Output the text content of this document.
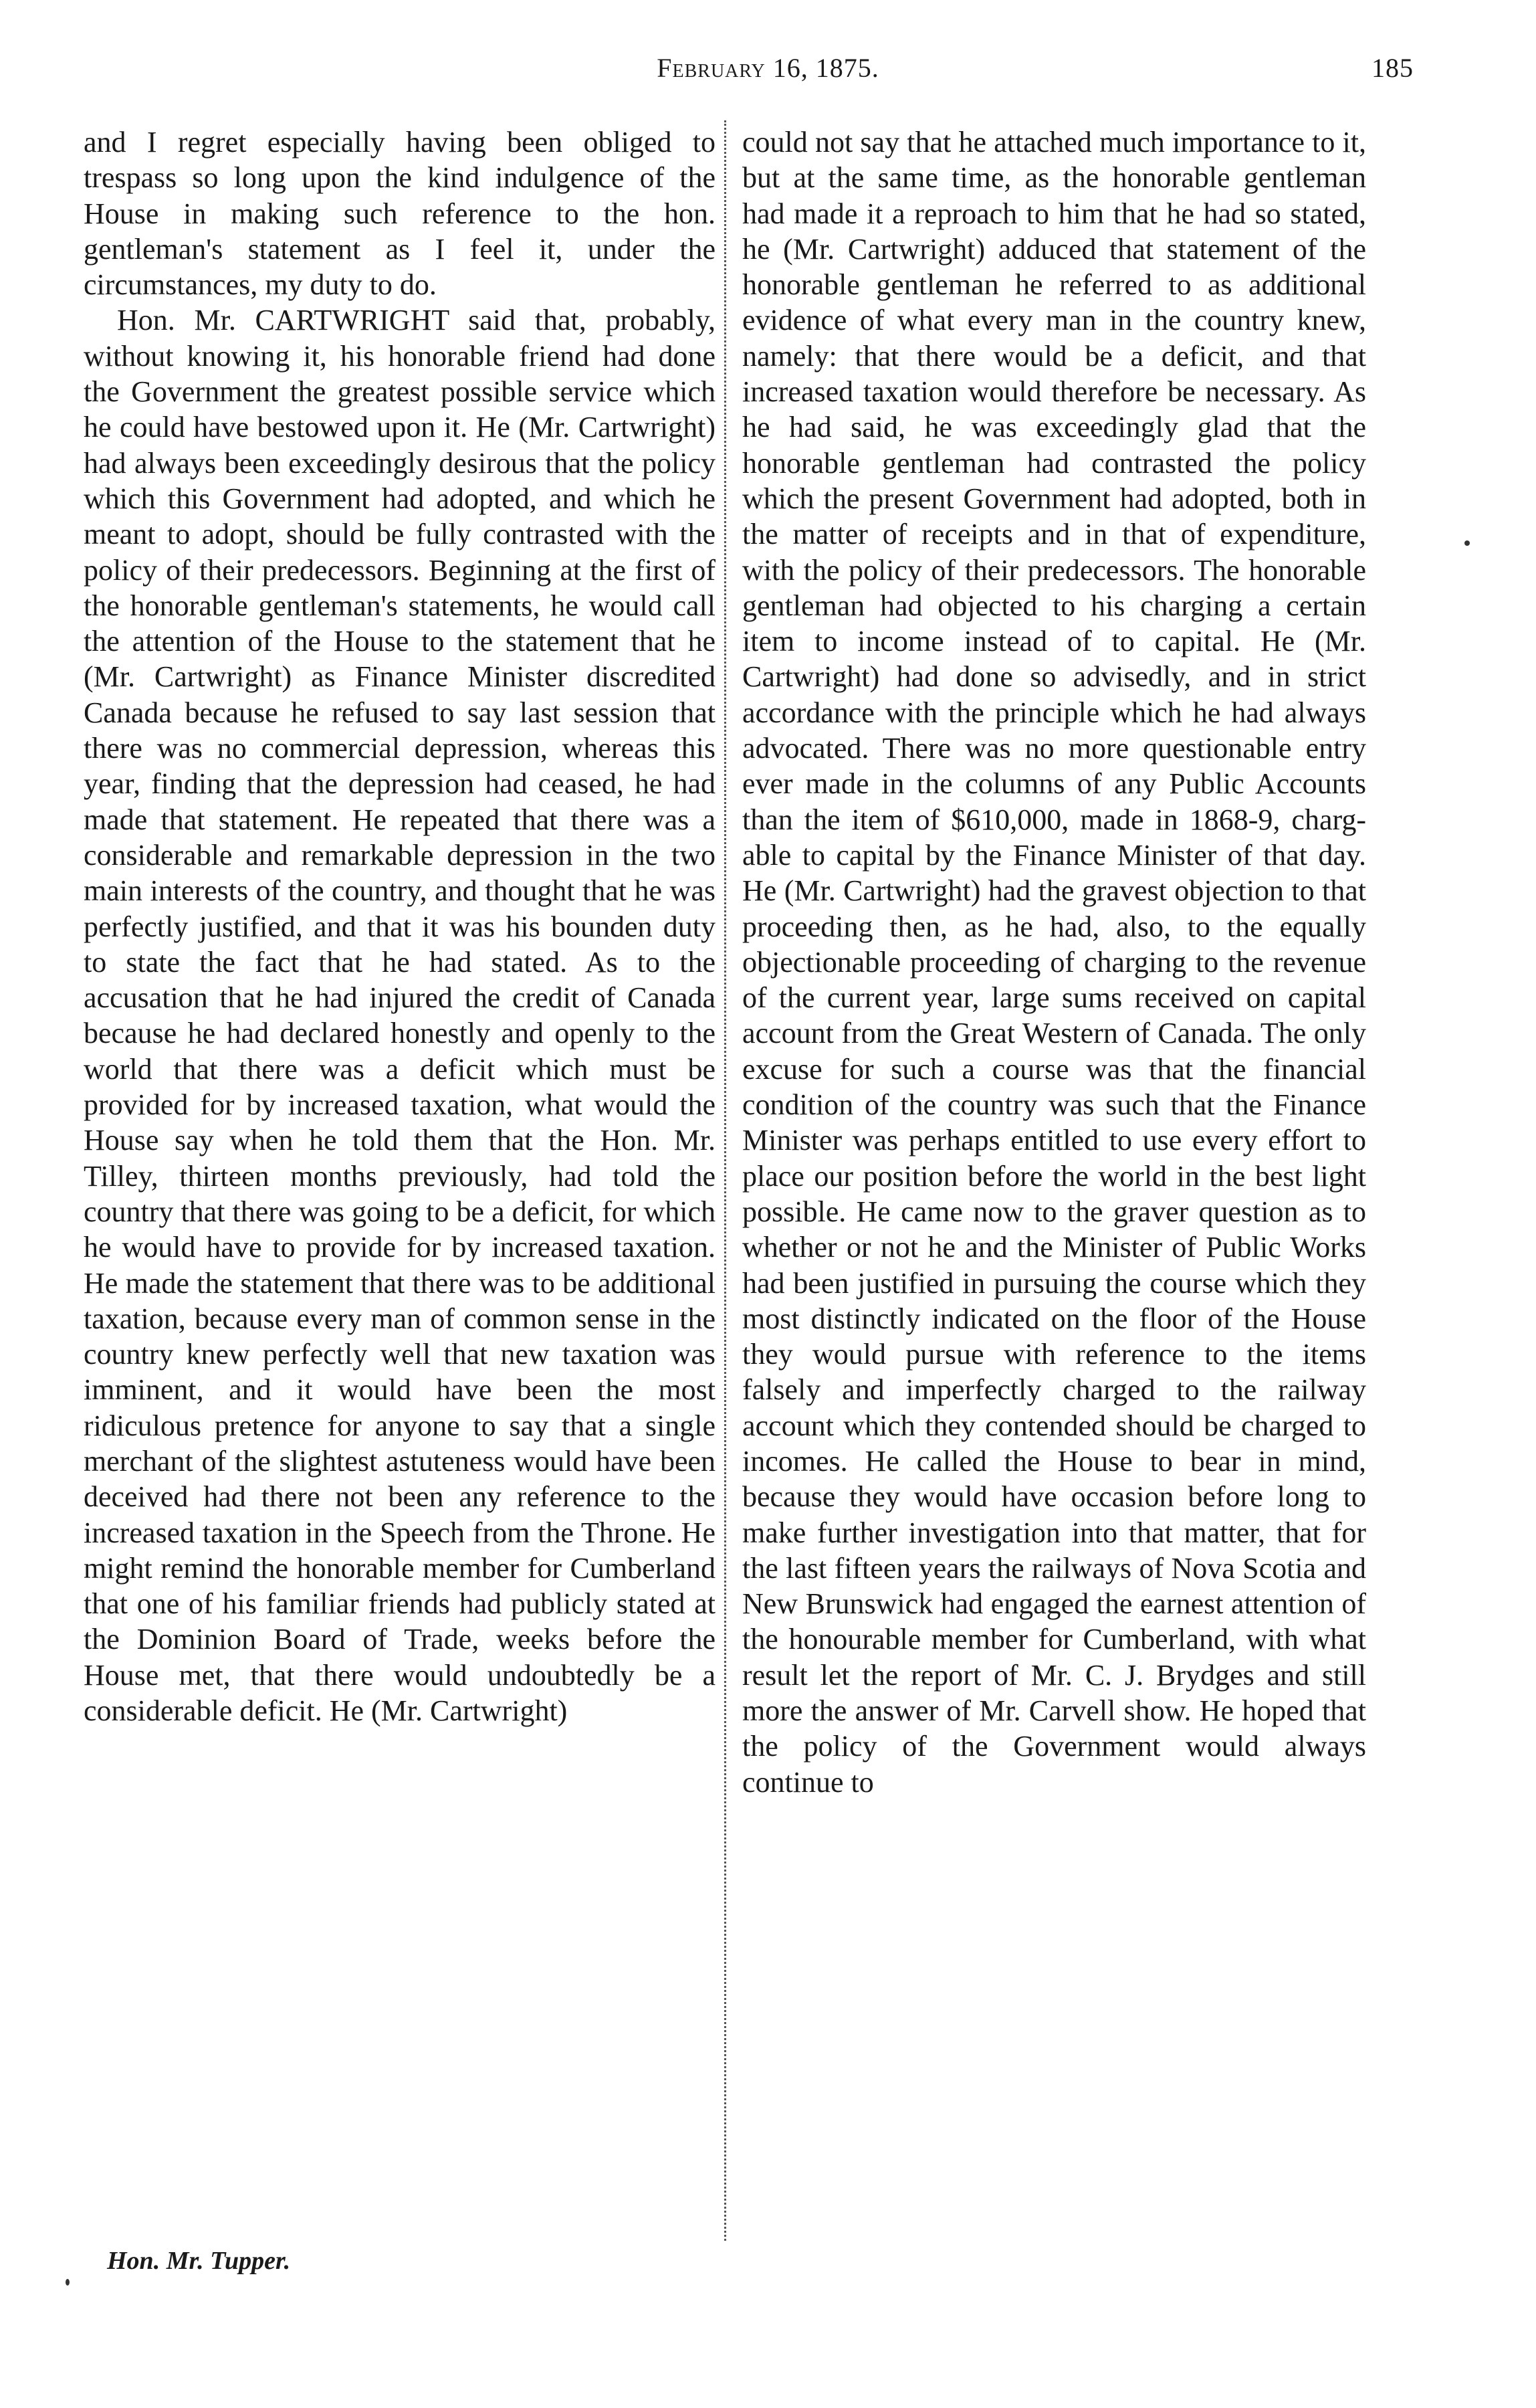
February 16, 1875.	185

and I regret especially having been obliged to trespass so long upon the kind indulgence of the House in making such reference to the hon. gentleman's statement as I feel it, under the circumstances, my duty to do.

Hon. Mr. CARTWRIGHT said that, probably, without knowing it, his honorable friend had done the Government the greatest possible service which he could have bestowed upon it. He (Mr. Cartwright) had always been exceedingly desirous that the policy which this Government had adopted, and which he meant to adopt, should be fully contrasted with the policy of their predecessors. Beginning at the first of the honorable gentleman's statements, he would call the attention of the House to the statement that he (Mr. Cartwright) as Finance Minister discredited Canada because he refused to say last session that there was no commercial depression, whereas this year, finding that the depression had ceased, he had made that statement. He repeated that there was a considerable and remarkable depression in the two main interests of the country, and thought that he was perfectly justified, and that it was his bounden duty to state the fact that he had stated. As to the accusation that he had injured the credit of Canada because he had declared honestly and openly to the world that there was a deficit which must be provided for by increased taxation, what would the House say when he told them that the Hon. Mr. Tilley, thirteen months previously, had told the country that there was going to be a deficit, for which he would have to provide for by increased taxation. He made the statement that there was to be additional taxation, because every man of common sense in the country knew perfectly well that new taxation was imminent, and it would have been the most ridiculous pretence for anyone to say that a single merchant of the slightest astuteness would have been deceived had there not been any reference to the increased taxation in the Speech from the Throne. He might remind the honorable member for Cumberland that one of his familiar friends had publicly stated at the Dominion Board of Trade, weeks before the House met, that there would undoubtedly be a considerable deficit. He (Mr. Cartwright)

could not say that he attached much importance to it, but at the same time, as the honorable gentleman had made it a reproach to him that he had so stated, he (Mr. Cartwright) adduced that statement of the honorable gentleman he referred to as additional evidence of what every man in the country knew, namely: that there would be a deficit, and that increased taxation would therefore be necessary. As he had said, he was exceedingly glad that the honorable gentleman had contrasted the policy which the present Government had adopted, both in the matter of receipts and in that of expenditure, with the policy of their predecessors. The honorable gentleman had objected to his charging a certain item to income instead of to capital. He (Mr. Cartwright) had done so advisedly, and in strict accordance with the principle which he had always advocated. There was no more questionable entry ever made in the columns of any Public Accounts than the item of $610,000, made in 1868-9, chargable to capital by the Finance Minister of that day. He (Mr. Cartwright) had the gravest objection to that proceeding then, as he had, also, to the equally objectionable proceeding of charging to the revenue of the current year, large sums received on capital account from the Great Western of Canada. The only excuse for such a course was that the financial condition of the country was such that the Finance Minister was perhaps entitled to use every effort to place our position before the world in the best light possible. He came now to the graver question as to whether or not he and the Minister of Public Works had been justified in pursuing the course which they most distinctly indicated on the floor of the House they would pursue with reference to the items falsely and imperfectly charged to the railway account which they contended should be charged to incomes. He called the House to bear in mind, because they would have occasion before long to make further investigation into that matter, that for the last fifteen years the railways of Nova Scotia and New Brunswick had engaged the earnest attention of the honourable member for Cumberland, with what result let the report of Mr. C. J. Brydges and still more the answer of Mr. Carvell show. He hoped that the policy of the Government would always continue to

Hon. Mr. Tupper.
